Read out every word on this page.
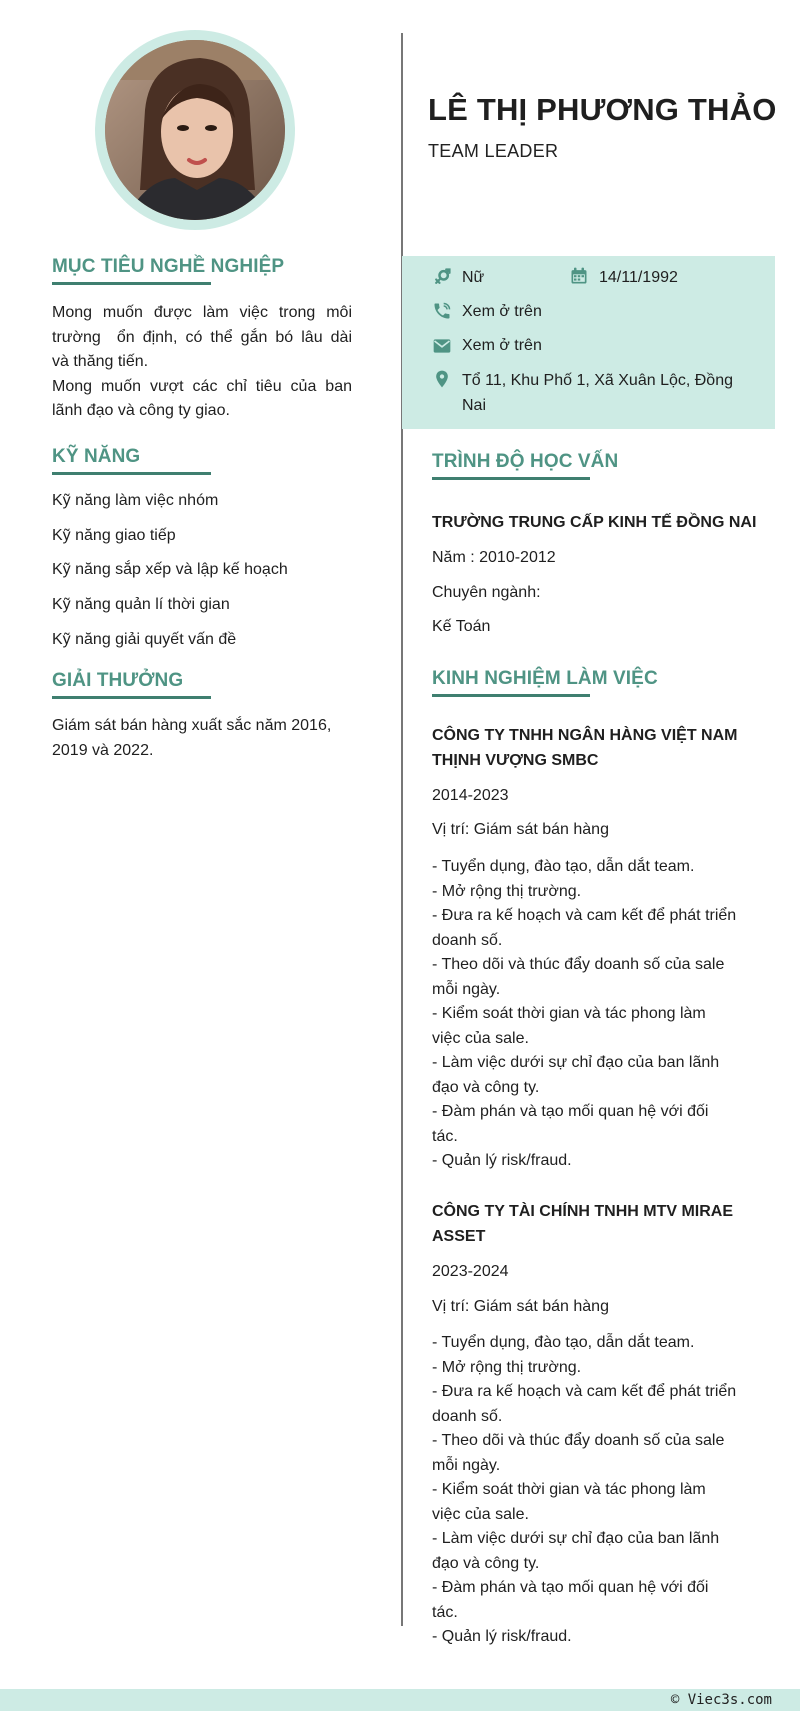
MỤC TIÊU NGHỀ NGHIỆP
Mong muốn được làm việc trong môi
trường  ổn định, có thể gắn bó lâu dài
và thăng tiến.
Mong muốn vượt các chỉ tiêu của ban
lãnh đạo và công ty giao.
KỸ NĂNG
Kỹ năng làm việc nhóm
Kỹ năng giao tiếp
Kỹ năng sắp xếp và lập kế hoạch
Kỹ năng quản lí thời gian
Kỹ năng giải quyết vấn đề
GIẢI THƯỞNG
Giám sát bán hàng xuất sắc năm 2016,
2019 và 2022.
LÊ THỊ PHƯƠNG THẢO
TEAM LEADER
Nữ	14/11/1992
Xem ở trên
Xem ở trên
Tổ 11, Khu Phố 1, Xã Xuân Lộc, Đồng
Nai
TRÌNH ĐỘ HỌC VẤN
TRƯỜNG TRUNG CẤP KINH TẾ ĐỒNG NAI
Năm : 2010-2012
Chuyên ngành:
Kế Toán
KINH NGHIỆM LÀM VIỆC
CÔNG TY TNHH NGÂN HÀNG VIỆT NAM
THỊNH VƯỢNG SMBC
2014-2023
Vị trí: Giám sát bán hàng
- Tuyển dụng, đào tạo, dẫn dắt team.
- Mở rộng thị trường.
- Đưa ra kế hoạch và cam kết để phát triển
doanh số.
- Theo dõi và thúc đẩy doanh số của sale
mỗi ngày.
- Kiểm soát thời gian và tác phong làm
việc của sale.
- Làm việc dưới sự chỉ đạo của ban lãnh
đạo và công ty.
- Đàm phán và tạo mối quan hệ với đối
tác.
- Quản lý risk/fraud.
CÔNG TY TÀI CHÍNH TNHH MTV MIRAE
ASSET
2023-2024
Vị trí: Giám sát bán hàng
- Tuyển dụng, đào tạo, dẫn dắt team.
- Mở rộng thị trường.
- Đưa ra kế hoạch và cam kết để phát triển
doanh số.
- Theo dõi và thúc đẩy doanh số của sale
mỗi ngày.
- Kiểm soát thời gian và tác phong làm
việc của sale.
- Làm việc dưới sự chỉ đạo của ban lãnh
đạo và công ty.
- Đàm phán và tạo mối quan hệ với đối
tác.
- Quản lý risk/fraud.
© Viec3s.com
